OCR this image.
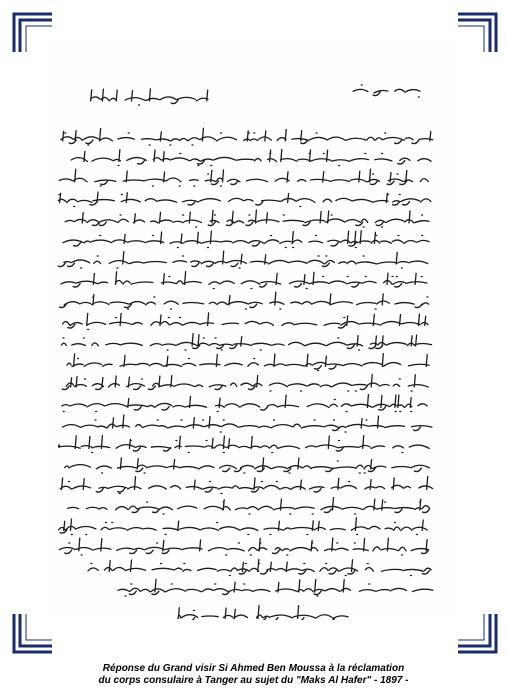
Réponse du Grand visir Si Ahmed Ben Moussa à la réclamation
du corps consulaire à Tanger au sujet du "Maks Al Hafer" - 1897 -
